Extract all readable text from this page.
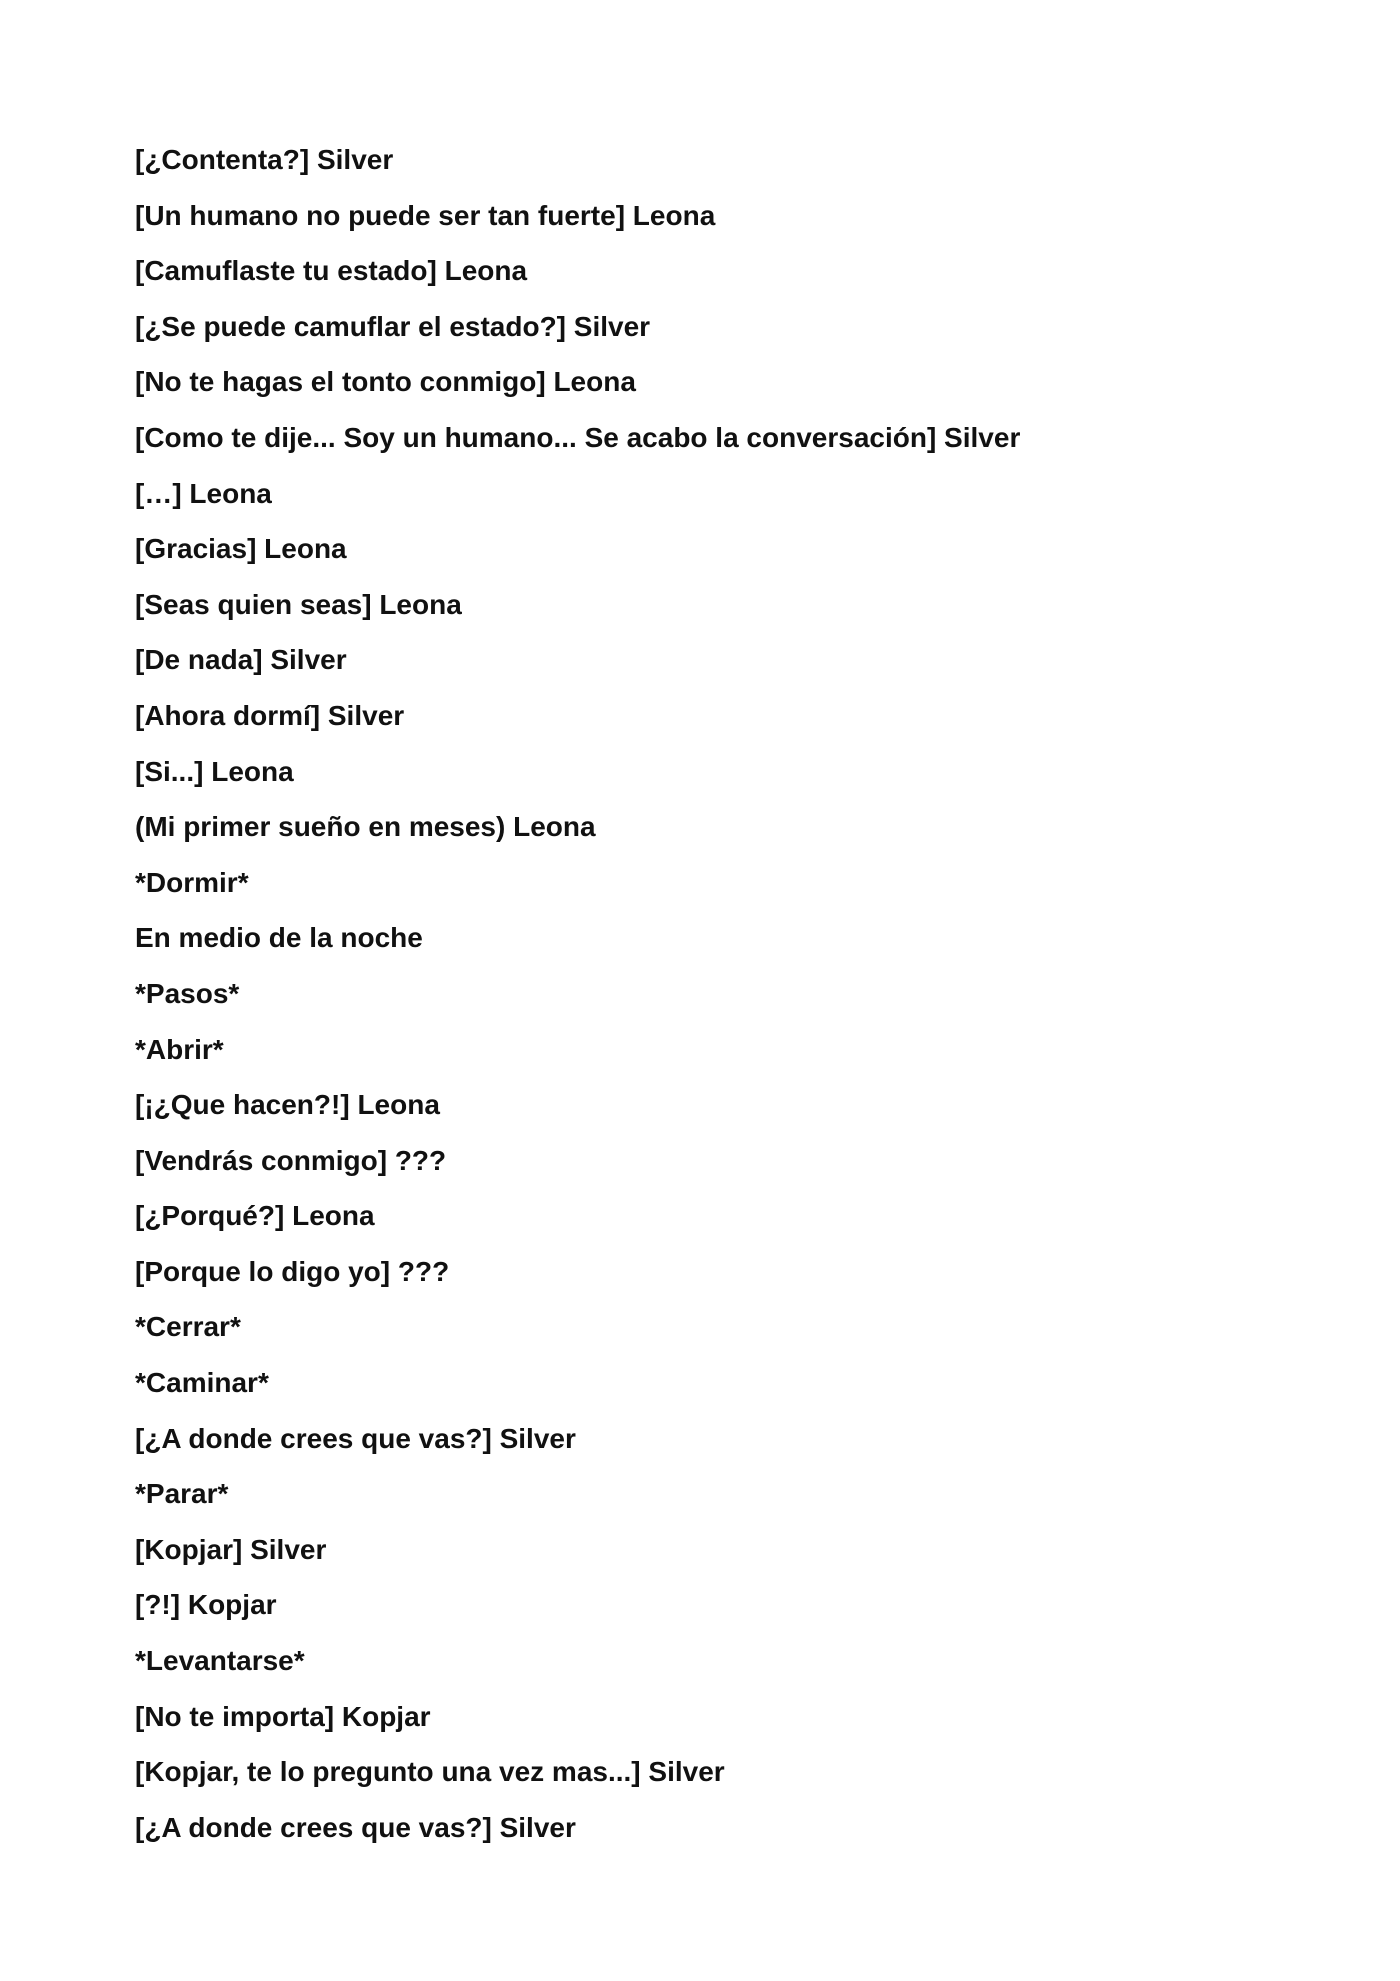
[¿Contenta?] Silver
[Un humano no puede ser tan fuerte] Leona
[Camuflaste tu estado] Leona
[¿Se puede camuflar el estado?] Silver
[No te hagas el tonto conmigo] Leona
[Como te dije... Soy un humano... Se acabo la conversación] Silver
[…] Leona
[Gracias] Leona
[Seas quien seas] Leona
[De nada] Silver
[Ahora dormí] Silver
[Si...] Leona
(Mi primer sueño en meses) Leona
*Dormir*
En medio de la noche
*Pasos*
*Abrir*
[¡¿Que hacen?!] Leona
[Vendrás conmigo] ???
[¿Porqué?] Leona
[Porque lo digo yo] ???
*Cerrar*
*Caminar*
[¿A donde crees que vas?] Silver
*Parar*
[Kopjar] Silver
[?!] Kopjar
*Levantarse*
[No te importa] Kopjar
[Kopjar, te lo pregunto una vez mas...] Silver
[¿A donde crees que vas?] Silver
